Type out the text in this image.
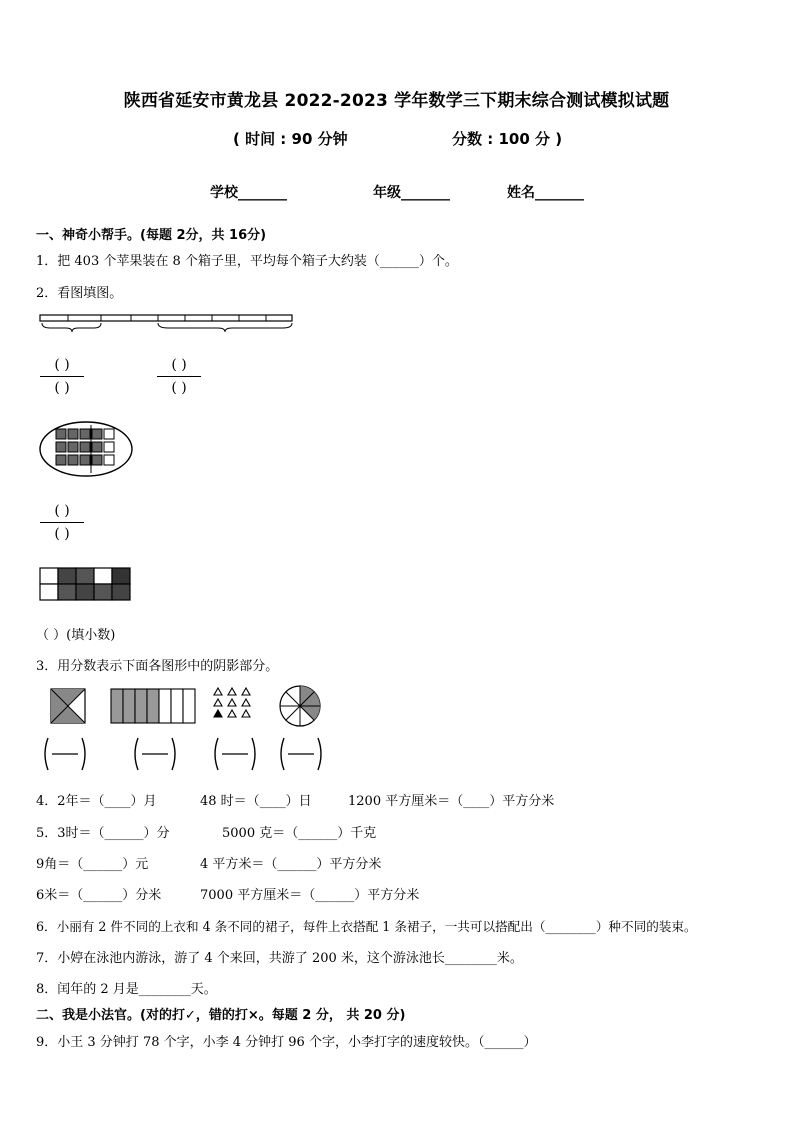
陕西省延安市黄龙县 2022-2023 学年数学三下期末综合测试模拟试题
( 时间 : 90 分钟	分数 : 100 分 )
学校_______	年级_______	姓名_______
一、神奇小帮手。(每题 2分，共 16分)
1．把 403 个苹果装在 8 个箱子里，平均每个箱子大约装（______）个。
2．看图填图。
( )
( )
( )
( )
( )
( )
（ ）(填小数)
3．用分数表示下面各图形中的阴影部分。
4．2年＝（____）月	48 时＝（____）日	1200 平方厘米＝（____）平方分米
5．3时＝（______）分	5000 克＝（______）千克
9角＝（______）元	4 平方米＝（______）平方分米
6米＝（______）分米	7000 平方厘米＝（______）平方分米
6．小丽有 2 件不同的上衣和 4 条不同的裙子，每件上衣搭配 1 条裙子，一共可以搭配出（________）种不同的装束。
7．小婷在泳池内游泳，游了 4 个来回，共游了 200 米，这个游泳池长________米。
8．闰年的 2 月是________天。
二、我是小法官。(对的打✓，错的打×。每题 2 分， 共 20 分)
9．小王 3 分钟打 78 个字，小李 4 分钟打 96 个字，小李打字的速度较快。（______）
